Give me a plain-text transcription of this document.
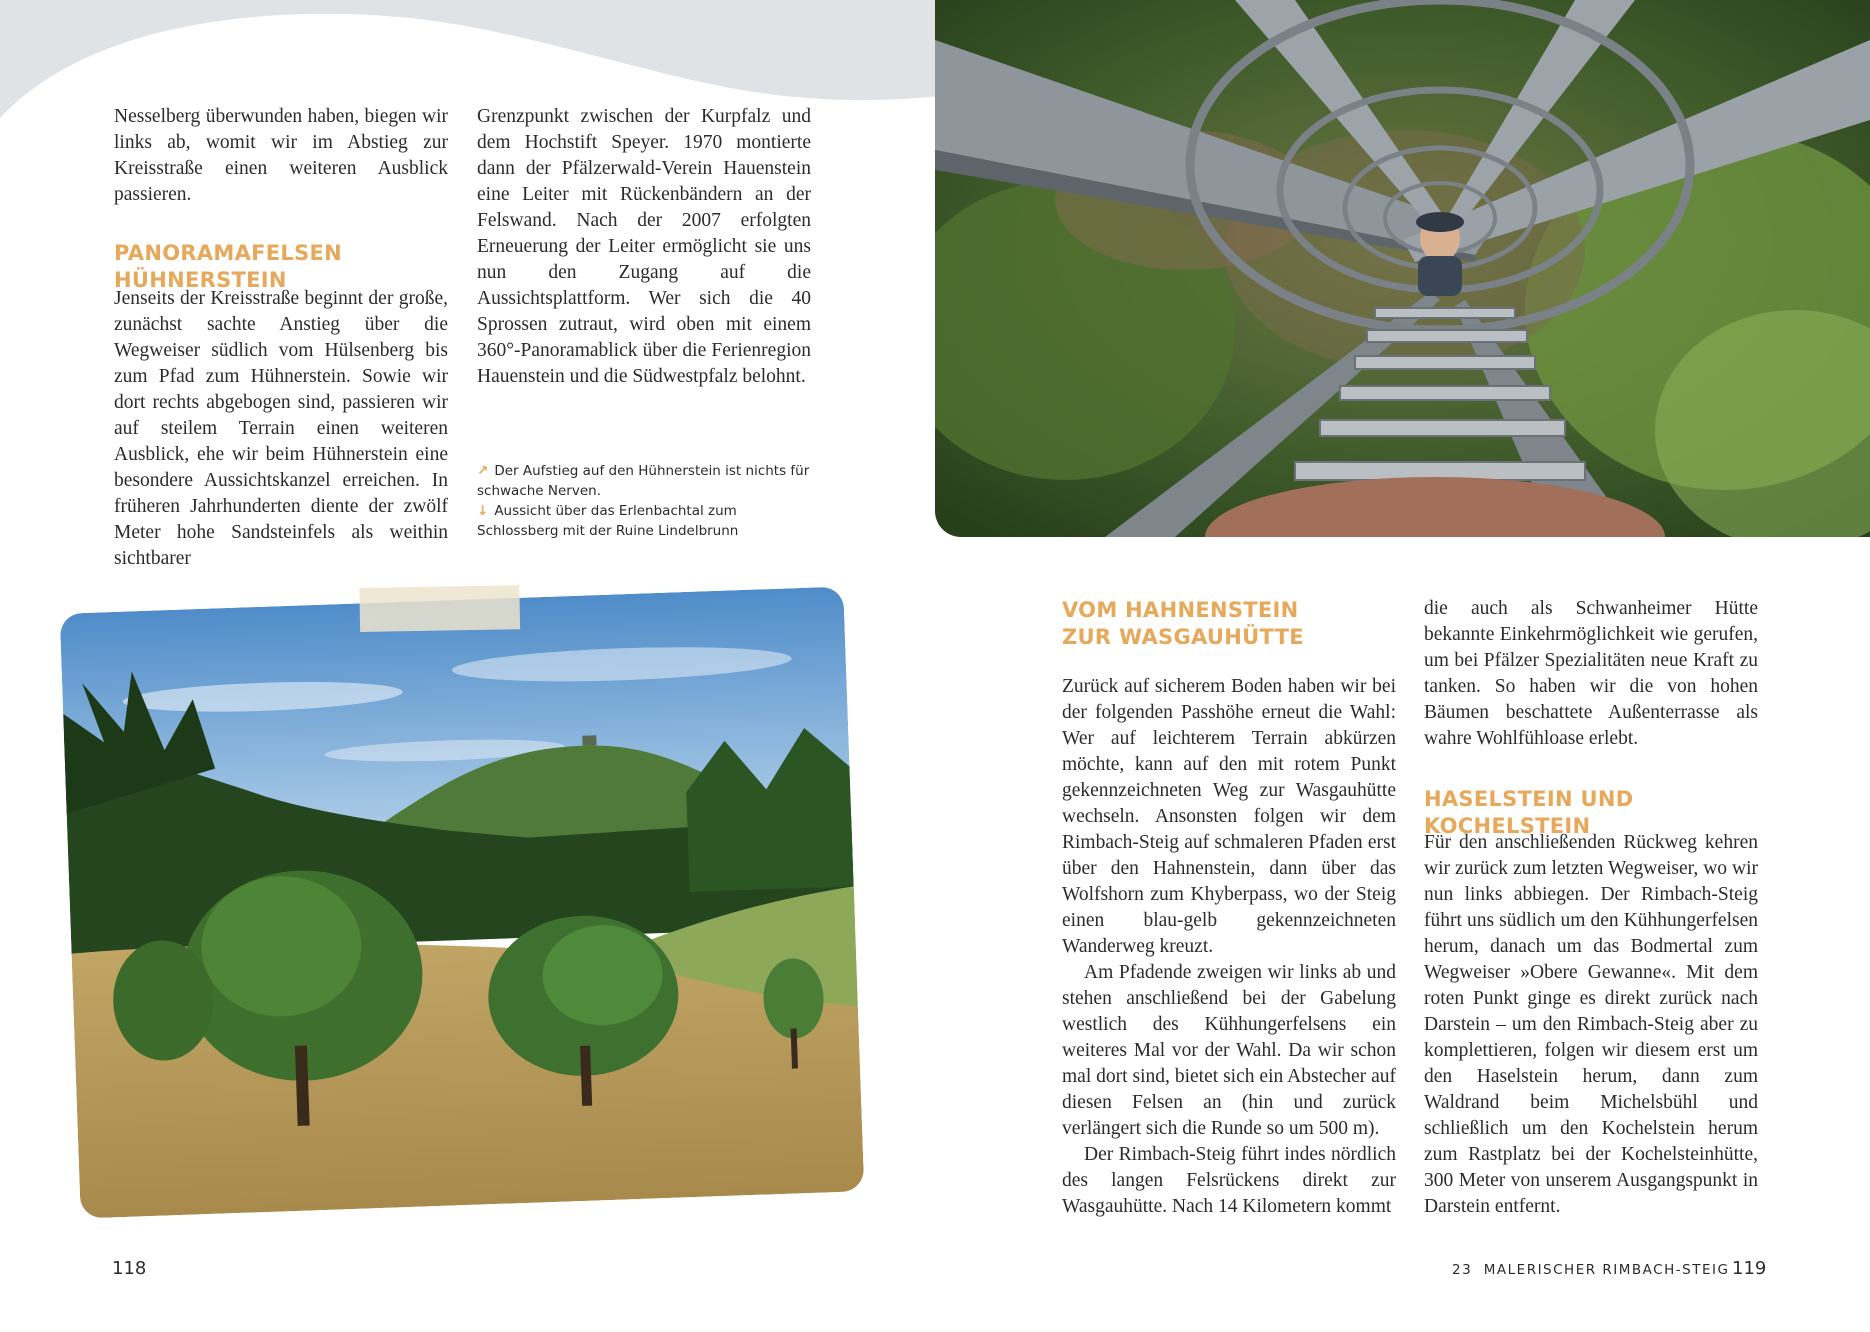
Nesselberg überwunden haben, biegen wir links ab, womit wir im Abstieg zur Kreisstraße einen weiteren Ausblick passieren.

PANORAMAFELSEN HÜHNERSTEIN

Jenseits der Kreisstraße beginnt der große, zunächst sachte Anstieg über die Wegweiser südlich vom Hülsenberg bis zum Pfad zum Hühnerstein. Sowie wir dort rechts abgebogen sind, passieren wir auf steilem Terrain einen weiteren Ausblick, ehe wir beim Hühnerstein eine besondere Aussichtskanzel erreichen. In früheren Jahrhunderten diente der zwölf Meter hohe Sandsteinfels als weithin sichtbarer

Grenzpunkt zwischen der Kurpfalz und dem Hochstift Speyer. 1970 montierte dann der Pfälzerwald-Verein Hauenstein eine Leiter mit Rückenbändern an der Felswand. Nach der 2007 erfolgten Erneuerung der Leiter ermöglicht sie uns nun den Zugang auf die Aussichtsplattform. Wer sich die 40 Sprossen zutraut, wird oben mit einem 360°-Panoramablick über die Ferienregion Hauenstein und die Südwestpfalz belohnt.

↗ Der Aufstieg auf den Hühnerstein ist nichts für schwache Nerven.
↓ Aussicht über das Erlenbachtal zum Schlossberg mit der Ruine Lindelbrunn
VOM HAHNENSTEIN ZUR WASGAUHÜTTE

Zurück auf sicherem Boden haben wir bei der folgenden Passhöhe erneut die Wahl: Wer auf leichterem Terrain abkürzen möchte, kann auf den mit rotem Punkt gekennzeichneten Weg zur Wasgauhütte wechseln. Ansonsten folgen wir dem Rimbach-Steig auf schmaleren Pfaden erst über den Hahnenstein, dann über das Wolfshorn zum Khyberpass, wo der Steig einen blau-gelb gekennzeichneten Wanderweg kreuzt.

Am Pfadende zweigen wir links ab und stehen anschließend bei der Gabelung westlich des Kühhungerfelsens ein weiteres Mal vor der Wahl. Da wir schon mal dort sind, bietet sich ein Abstecher auf diesen Felsen an (hin und zurück verlängert sich die Runde so um 500 m).

Der Rimbach-Steig führt indes nördlich des langen Felsrückens direkt zur Wasgauhütte. Nach 14 Kilometern kommt

die auch als Schwanheimer Hütte bekannte Einkehrmöglichkeit wie gerufen, um bei Pfälzer Spezialitäten neue Kraft zu tanken. So haben wir die von hohen Bäumen beschattete Außenterrasse als wahre Wohlfühloase erlebt.

HASELSTEIN UND KOCHELSTEIN

Für den anschließenden Rückweg kehren wir zurück zum letzten Wegweiser, wo wir nun links abbiegen. Der Rimbach-Steig führt uns südlich um den Kühhungerfelsen herum, danach um das Bodmertal zum Wegweiser »Obere Gewanne«. Mit dem roten Punkt ginge es direkt zurück nach Darstein – um den Rimbach-Steig aber zu komplettieren, folgen wir diesem erst um den Haselstein herum, dann zum Waldrand beim Michelsbühl und schließlich um den Kochelstein herum zum Rastplatz bei der Kochelsteinhütte, 300 Meter von unserem Ausgangspunkt in Darstein entfernt.

118	23  MALERISCHER RIMBACH-STEIG 119
